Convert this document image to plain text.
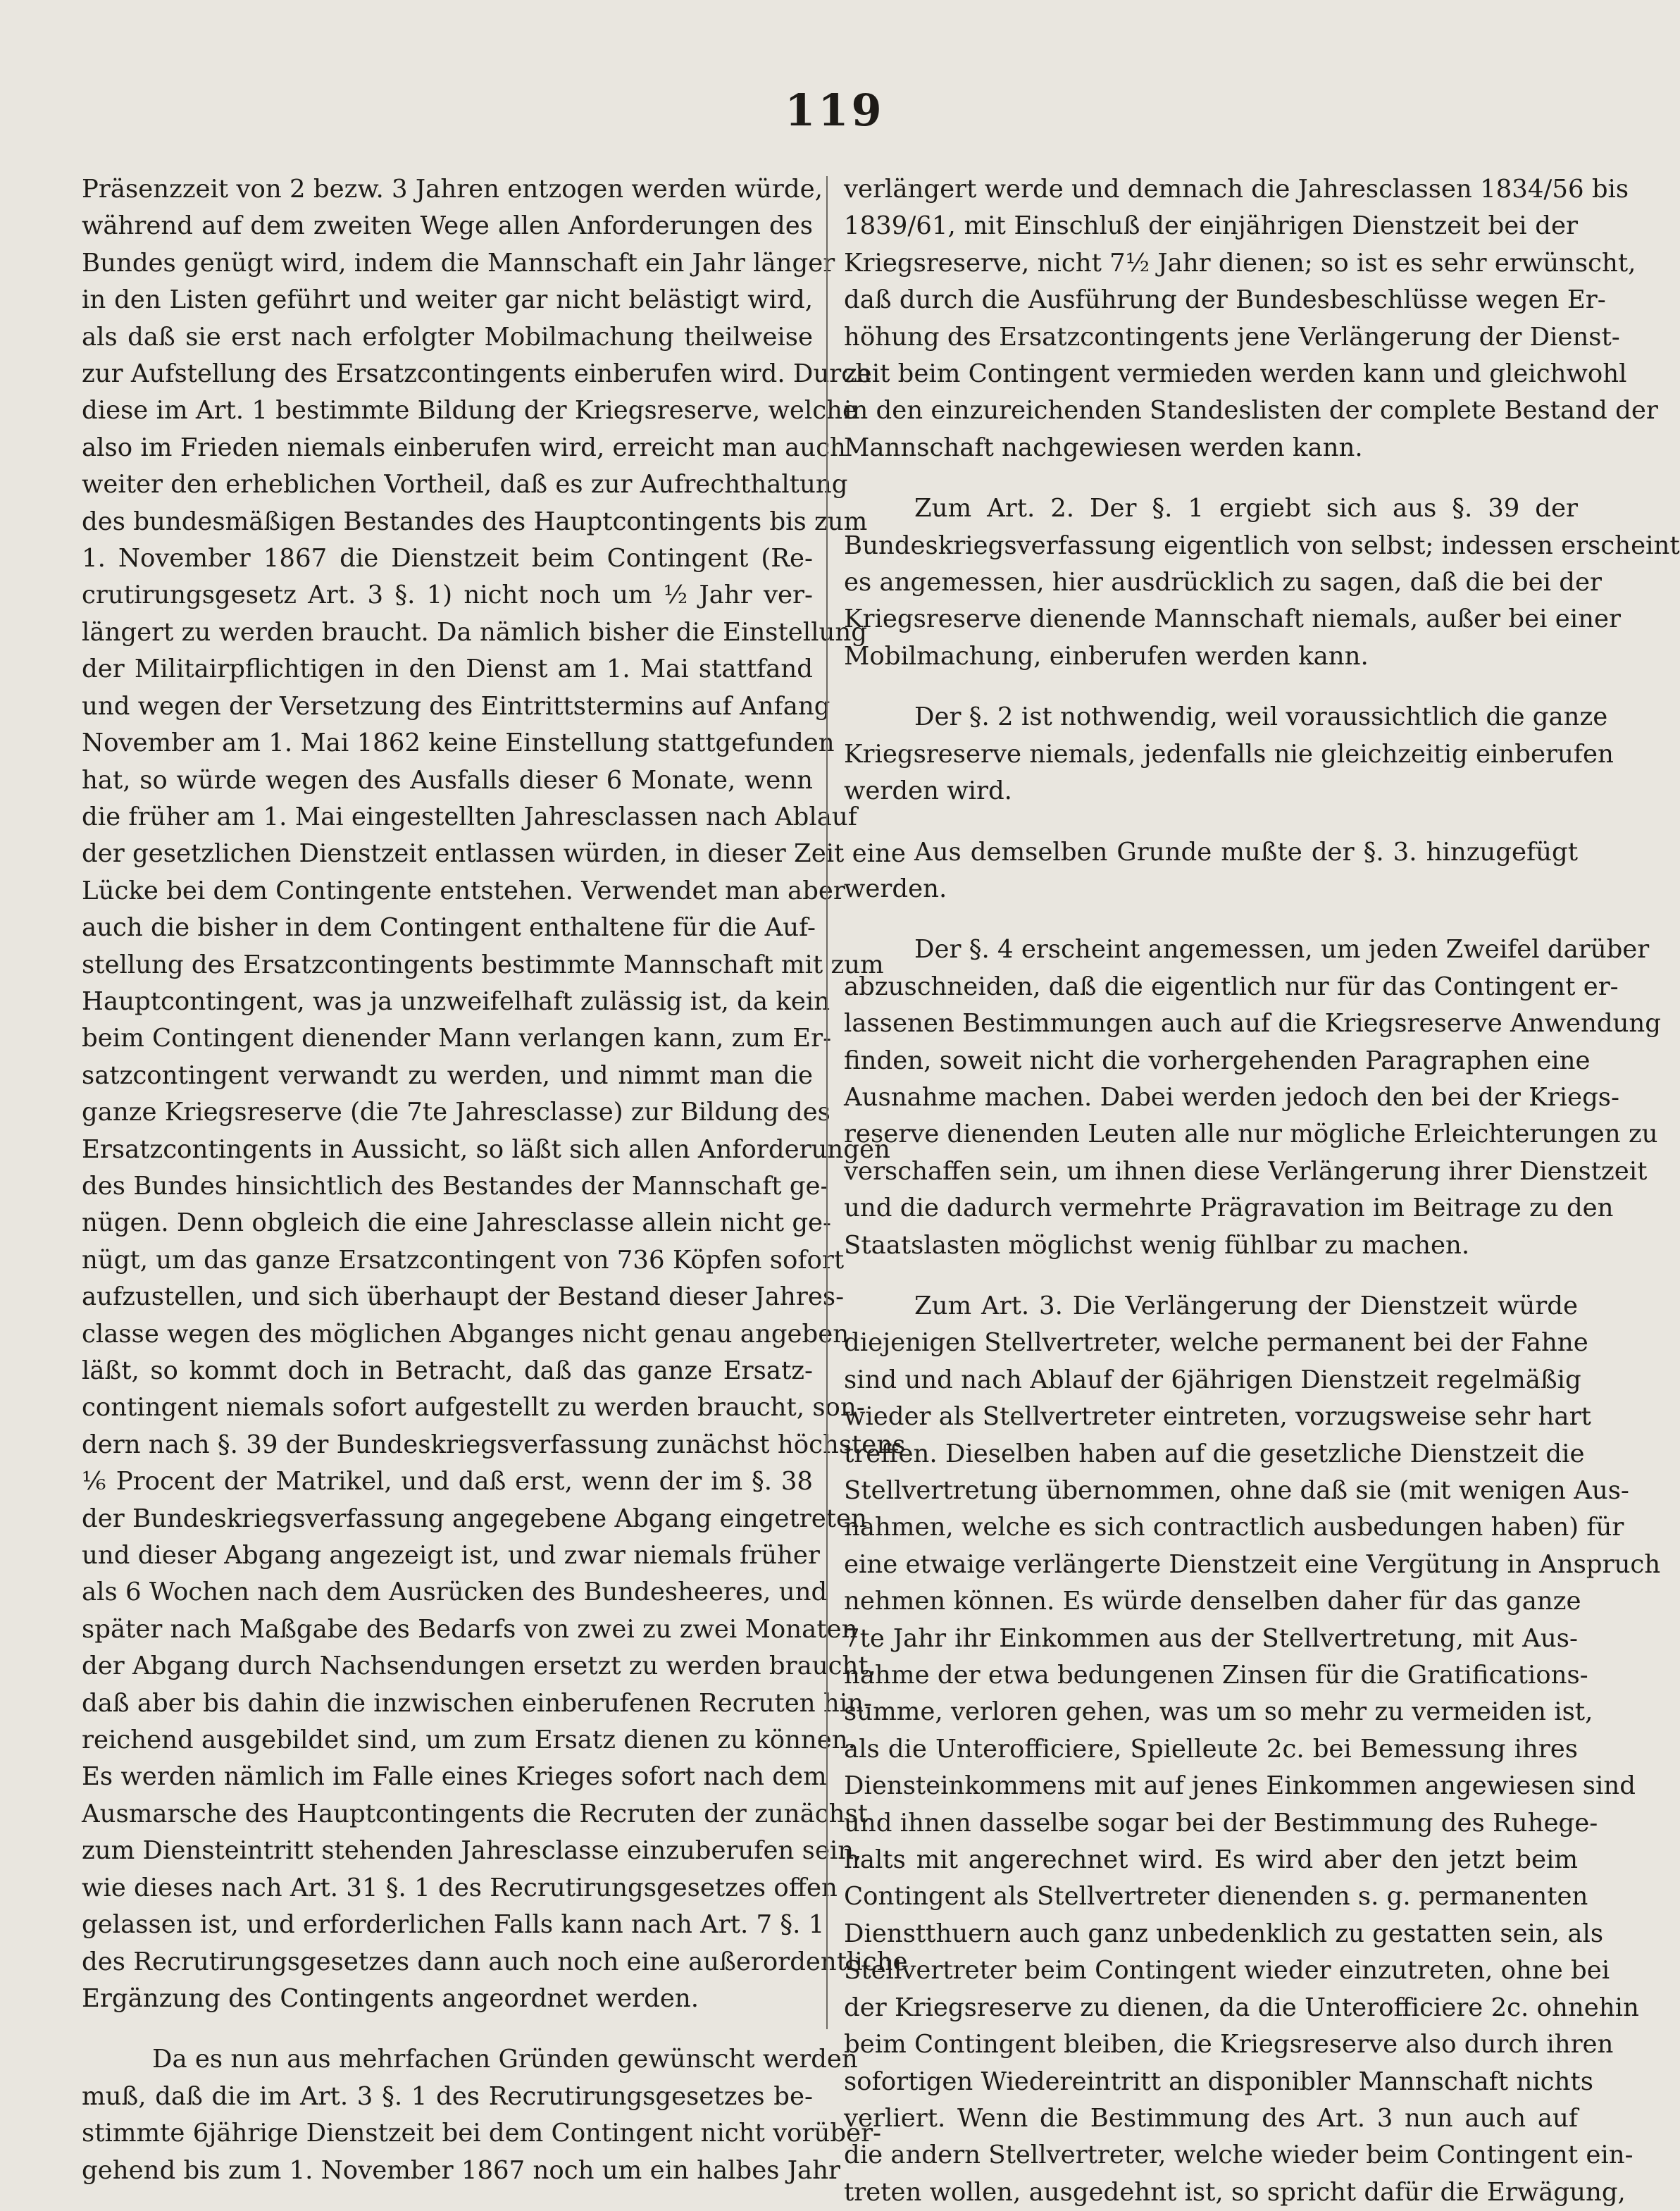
119
Präsenzzeit von 2 bezw. 3 Jahren entzogen werden würde,
während auf dem zweiten Wege allen Anforderungen des
Bundes genügt wird, indem die Mannschaft ein Jahr länger
in den Listen geführt und weiter gar nicht belästigt wird,
als daß sie erst nach erfolgter Mobilmachung theilweise
zur Aufstellung des Ersatzcontingents einberufen wird. Durch
diese im Art. 1 bestimmte Bildung der Kriegsreserve, welche
also im Frieden niemals einberufen wird, erreicht man auch
weiter den erheblichen Vortheil, daß es zur Aufrechthaltung
des bundesmäßigen Bestandes des Hauptcontingents bis zum
1. November 1867 die Dienstzeit beim Contingent (Re-
crutirungsgesetz Art. 3 §. 1) nicht noch um ½ Jahr ver-
längert zu werden braucht. Da nämlich bisher die Einstellung
der Militairpflichtigen in den Dienst am 1. Mai stattfand
und wegen der Versetzung des Eintrittstermins auf Anfang
November am 1. Mai 1862 keine Einstellung stattgefunden
hat, so würde wegen des Ausfalls dieser 6 Monate, wenn
die früher am 1. Mai eingestellten Jahresclassen nach Ablauf
der gesetzlichen Dienstzeit entlassen würden, in dieser Zeit eine
Lücke bei dem Contingente entstehen. Verwendet man aber
auch die bisher in dem Contingent enthaltene für die Auf-
stellung des Ersatzcontingents bestimmte Mannschaft mit zum
Hauptcontingent, was ja unzweifelhaft zulässig ist, da kein
beim Contingent dienender Mann verlangen kann, zum Er-
satzcontingent verwandt zu werden, und nimmt man die
ganze Kriegsreserve (die 7te Jahresclasse) zur Bildung des
Ersatzcontingents in Aussicht, so läßt sich allen Anforderungen
des Bundes hinsichtlich des Bestandes der Mannschaft ge-
nügen. Denn obgleich die eine Jahresclasse allein nicht ge-
nügt, um das ganze Ersatzcontingent von 736 Köpfen sofort
aufzustellen, und sich überhaupt der Bestand dieser Jahres-
classe wegen des möglichen Abganges nicht genau angeben
läßt, so kommt doch in Betracht, daß das ganze Ersatz-
contingent niemals sofort aufgestellt zu werden braucht, son-
dern nach §. 39 der Bundeskriegsverfassung zunächst höchstens
⅙ Procent der Matrikel, und daß erst, wenn der im §. 38
der Bundeskriegsverfassung angegebene Abgang eingetreten
und dieser Abgang angezeigt ist, und zwar niemals früher
als 6 Wochen nach dem Ausrücken des Bundesheeres, und
später nach Maßgabe des Bedarfs von zwei zu zwei Monaten
der Abgang durch Nachsendungen ersetzt zu werden braucht,
daß aber bis dahin die inzwischen einberufenen Recruten hin-
reichend ausgebildet sind, um zum Ersatz dienen zu können.
Es werden nämlich im Falle eines Krieges sofort nach dem
Ausmarsche des Hauptcontingents die Recruten der zunächst
zum Diensteintritt stehenden Jahresclasse einzuberufen sein,
wie dieses nach Art. 31 §. 1 des Recrutirungsgesetzes offen
gelassen ist, und erforderlichen Falls kann nach Art. 7 §. 1
des Recrutirungsgesetzes dann auch noch eine außerordentliche
Ergänzung des Contingents angeordnet werden.
Da es nun aus mehrfachen Gründen gewünscht werden
muß, daß die im Art. 3 §. 1 des Recrutirungsgesetzes be-
stimmte 6jährige Dienstzeit bei dem Contingent nicht vorüber-
gehend bis zum 1. November 1867 noch um ein halbes Jahr
verlängert werde und demnach die Jahresclassen 1834/56 bis
1839/61, mit Einschluß der einjährigen Dienstzeit bei der
Kriegsreserve, nicht 7½ Jahr dienen; so ist es sehr erwünscht,
daß durch die Ausführung der Bundesbeschlüsse wegen Er-
höhung des Ersatzcontingents jene Verlängerung der Dienst-
zeit beim Contingent vermieden werden kann und gleichwohl
in den einzureichenden Standeslisten der complete Bestand der
Mannschaft nachgewiesen werden kann.
Zum Art. 2. Der §. 1 ergiebt sich aus §. 39 der
Bundeskriegsverfassung eigentlich von selbst; indessen erscheint
es angemessen, hier ausdrücklich zu sagen, daß die bei der
Kriegsreserve dienende Mannschaft niemals, außer bei einer
Mobilmachung, einberufen werden kann.
Der §. 2 ist nothwendig, weil voraussichtlich die ganze
Kriegsreserve niemals, jedenfalls nie gleichzeitig einberufen
werden wird.
Aus demselben Grunde mußte der §. 3. hinzugefügt
werden.
Der §. 4 erscheint angemessen, um jeden Zweifel darüber
abzuschneiden, daß die eigentlich nur für das Contingent er-
lassenen Bestimmungen auch auf die Kriegsreserve Anwendung
finden, soweit nicht die vorhergehenden Paragraphen eine
Ausnahme machen. Dabei werden jedoch den bei der Kriegs-
reserve dienenden Leuten alle nur mögliche Erleichterungen zu
verschaffen sein, um ihnen diese Verlängerung ihrer Dienstzeit
und die dadurch vermehrte Prägravation im Beitrage zu den
Staatslasten möglichst wenig fühlbar zu machen.
Zum Art. 3. Die Verlängerung der Dienstzeit würde
diejenigen Stellvertreter, welche permanent bei der Fahne
sind und nach Ablauf der 6jährigen Dienstzeit regelmäßig
wieder als Stellvertreter eintreten, vorzugsweise sehr hart
treffen. Dieselben haben auf die gesetzliche Dienstzeit die
Stellvertretung übernommen, ohne daß sie (mit wenigen Aus-
nahmen, welche es sich contractlich ausbedungen haben) für
eine etwaige verlängerte Dienstzeit eine Vergütung in Anspruch
nehmen können. Es würde denselben daher für das ganze
7te Jahr ihr Einkommen aus der Stellvertretung, mit Aus-
nahme der etwa bedungenen Zinsen für die Gratifications-
summe, verloren gehen, was um so mehr zu vermeiden ist,
als die Unterofficiere, Spielleute 2c. bei Bemessung ihres
Diensteinkommens mit auf jenes Einkommen angewiesen sind
und ihnen dasselbe sogar bei der Bestimmung des Ruhege-
halts mit angerechnet wird. Es wird aber den jetzt beim
Contingent als Stellvertreter dienenden s. g. permanenten
Dienstthuern auch ganz unbedenklich zu gestatten sein, als
Stellvertreter beim Contingent wieder einzutreten, ohne bei
der Kriegsreserve zu dienen, da die Unterofficiere 2c. ohnehin
beim Contingent bleiben, die Kriegsreserve also durch ihren
sofortigen Wiedereintritt an disponibler Mannschaft nichts
verliert. Wenn die Bestimmung des Art. 3 nun auch auf
die andern Stellvertreter, welche wieder beim Contingent ein-
treten wollen, ausgedehnt ist, so spricht dafür die Erwägung,
